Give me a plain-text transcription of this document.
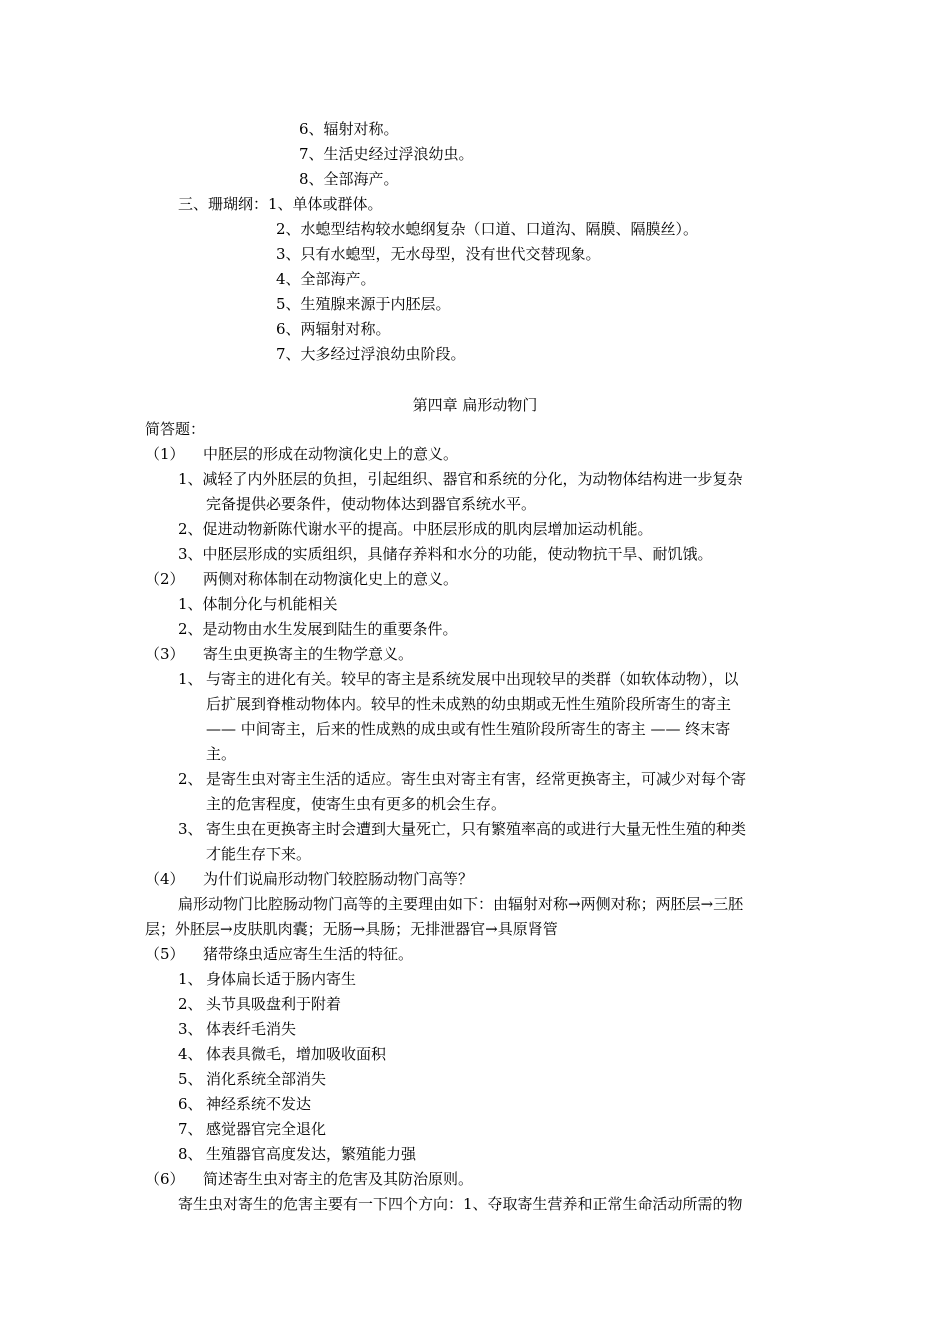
6、辐射对称。
7、生活史经过浮浪幼虫。
8、全部海产。
三、珊瑚纲：1、单体或群体。
2、水螅型结构较水螅纲复杂（口道、口道沟、隔膜、隔膜丝）。
3、只有水螅型，无水母型，没有世代交替现象。
4、全部海产。
5、生殖腺来源于内胚层。
6、两辐射对称。
7、大多经过浮浪幼虫阶段。
第四章 扁形动物门
简答题：
（1） 中胚层的形成在动物演化史上的意义。
1、减轻了内外胚层的负担，引起组织、器官和系统的分化，为动物体结构进一步复杂
完备提供必要条件，使动物体达到器官系统水平。
2、促进动物新陈代谢水平的提高。中胚层形成的肌肉层增加运动机能。
3、中胚层形成的实质组织，具储存养料和水分的功能，使动物抗干旱、耐饥饿。
（2） 两侧对称体制在动物演化史上的意义。
1、体制分化与机能相关
2、是动物由水生发展到陆生的重要条件。
（3） 寄生虫更换寄主的生物学意义。
1、 与寄主的进化有关。较早的寄主是系统发展中出现较早的类群（如软体动物），以
后扩展到脊椎动物体内。较早的性未成熟的幼虫期或无性生殖阶段所寄生的寄主
—— 中间寄主，后来的性成熟的成虫或有性生殖阶段所寄生的寄主 —— 终末寄
主。
2、 是寄生虫对寄主生活的适应。寄生虫对寄主有害，经常更换寄主，可减少对每个寄
主的危害程度，使寄生虫有更多的机会生存。
3、 寄生虫在更换寄主时会遭到大量死亡，只有繁殖率高的或进行大量无性生殖的种类
才能生存下来。
（4） 为什们说扁形动物门较腔肠动物门高等？
扁形动物门比腔肠动物门高等的主要理由如下：由辐射对称→两侧对称；两胚层→三胚
层；外胚层→皮肤肌肉囊；无肠→具肠；无排泄器官→具原肾管
（5） 猪带绦虫适应寄生生活的特征。
1、 身体扁长适于肠内寄生
2、 头节具吸盘利于附着
3、 体表纤毛消失
4、 体表具微毛，增加吸收面积
5、 消化系统全部消失
6、 神经系统不发达
7、 感觉器官完全退化
8、 生殖器官高度发达，繁殖能力强
（6） 简述寄生虫对寄主的危害及其防治原则。
寄生虫对寄生的危害主要有一下四个方向：1、夺取寄生营养和正常生命活动所需的物
